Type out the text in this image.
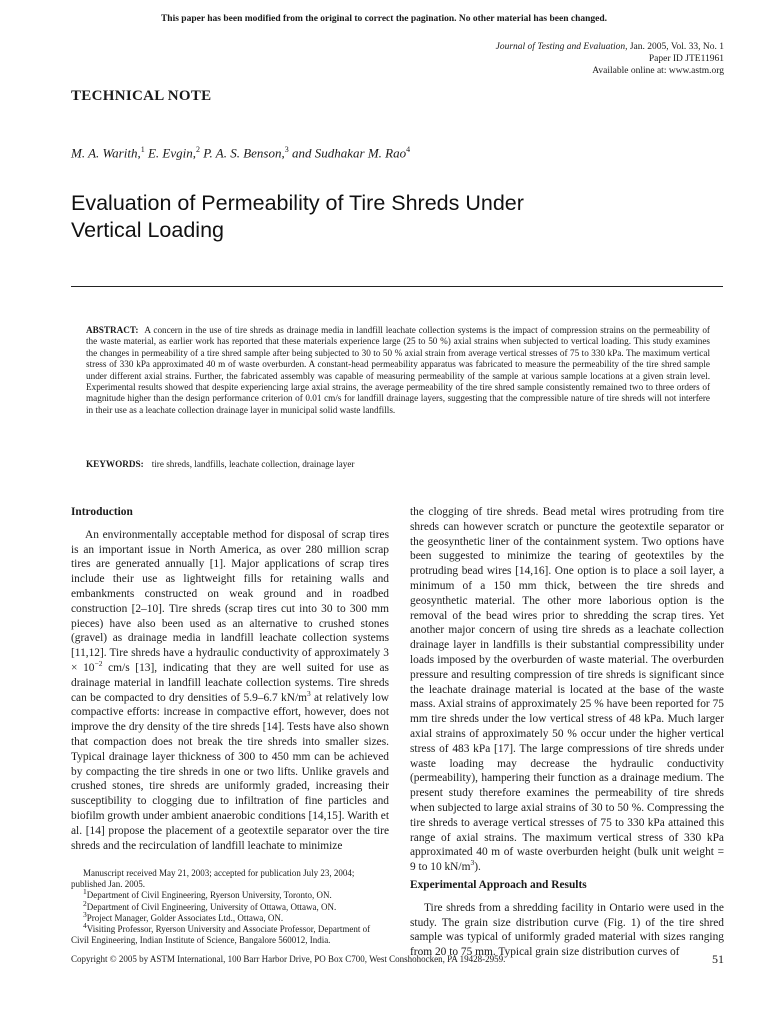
This paper has been modified from the original to correct the pagination. No other material has been changed.
Journal of Testing and Evaluation, Jan. 2005, Vol. 33, No. 1
Paper ID JTE11961
Available online at: www.astm.org
TECHNICAL NOTE
M. A. Warith,$^1$ E. Evgin,$^2$ P. A. S. Benson,$^3$ and Sudhakar M. Rao$^4$
Evaluation of Permeability of Tire Shreds Under
Vertical Loading
ABSTRACT: A concern in the use of tire shreds as drainage media in landfill leachate collection systems is the impact of compression strains on the permeability of the waste material, as earlier work has reported that these materials experience large (25 to 50 %) axial strains when subjected to vertical loading. This study examines the changes in permeability of a tire shred sample after being subjected to 30 to 50 % axial strain from average vertical stresses of 75 to 330 kPa. The maximum vertical stress of 330 kPa approximated 40 m of waste overburden. A constant-head permeability apparatus was fabricated to measure the permeability of the tire shred sample under different axial strains. Further, the fabricated assembly was capable of measuring permeability of the sample at various sample locations at a given strain level. Experimental results showed that despite experiencing large axial strains, the average permeability of the tire shred sample consistently remained two to three orders of magnitude higher than the design performance criterion of 0.01 cm/s for landfill drainage layers, suggesting that the compressible nature of tire shreds will not interfere in their use as a leachate collection drainage layer in municipal solid waste landfills.
KEYWORDS: tire shreds, landfills, leachate collection, drainage layer
Introduction

An environmentally acceptable method for disposal of scrap tires is an important issue in North America, as over 280 million scrap tires are generated annually [1]. Major applications of scrap tires include their use as lightweight fills for retaining walls and embankments constructed on weak ground and in roadbed construction [2–10]. Tire shreds (scrap tires cut into 30 to 300 mm pieces) have also been used as an alternative to crushed stones (gravel) as drainage media in landfill leachate collection systems [11,12]. Tire shreds have a hydraulic conductivity of approximately $3 \times 10^{-2}$ cm/s [13], indicating that they are well suited for use as drainage material in landfill leachate collection systems. Tire shreds can be compacted to dry densities of 5.9–6.7 $kN/m^3$ at relatively low compactive efforts: increase in compactive effort, however, does not improve the dry density of the tire shreds [14]. Tests have also shown that compaction does not break the tire shreds into smaller sizes. Typical drainage layer thickness of 300 to 450 mm can be achieved by compacting the tire shreds in one or two lifts. Unlike gravels and crushed stones, tire shreds are uniformly graded, increasing their susceptibility to clogging due to infiltration of fine particles and biofilm growth under ambient anaerobic conditions [14,15]. Warith et al. [14] propose the placement of a geotextile separator over the tire shreds and the recirculation of landfill leachate to minimize

the clogging of tire shreds. Bead metal wires protruding from tire shreds can however scratch or puncture the geotextile separator or the geosynthetic liner of the containment system. Two options have been suggested to minimize the tearing of geotextiles by the protruding bead wires [14,16]. One option is to place a soil layer, a minimum of a 150 mm thick, between the tire shreds and geosynthetic material. The other more laborious option is the removal of the bead wires prior to shredding the scrap tires. Yet another major concern of using tire shreds as a leachate collection drainage layer in landfills is their substantial compressibility under loads imposed by the overburden of waste material. The overburden pressure and resulting compression of tire shreds is significant since the leachate drainage material is located at the base of the waste mass. Axial strains of approximately 25 % have been reported for 75 mm tire shreds under the low vertical stress of 48 kPa. Much larger axial strains of approximately 50 % occur under the higher vertical stress of 483 kPa [17]. The large compressions of tire shreds under waste loading may decrease the hydraulic conductivity (permeability), hampering their function as a drainage medium. The present study therefore examines the permeability of tire shreds when subjected to large axial strains of 30 to 50 %. Compressing the tire shreds to average vertical stresses of 75 to 330 kPa attained this range of axial strains. The maximum vertical stress of 330 kPa approximated 40 m of waste overburden height (bulk unit weight = 9 to 10 $kN/m^3$).

Manuscript received May 21, 2003; accepted for publication July 23, 2004; published Jan. 2005.

$^1$Department of Civil Engineering, Ryerson University, Toronto, ON.

$^2$Department of Civil Engineering, University of Ottawa, Ottawa, ON.

$^3$Project Manager, Golder Associates Ltd., Ottawa, ON.

$^4$Visiting Professor, Ryerson University and Associate Professor, Department of Civil Engineering, Indian Institute of Science, Bangalore 560012, India.

Experimental Approach and Results

Tire shreds from a shredding facility in Ontario were used in the study. The grain size distribution curve (Fig. 1) of the tire shred sample was typical of uniformly graded material with sizes ranging from 20 to 75 mm. Typical grain size distribution curves of

Copyright © 2005 by ASTM International, 100 Barr Harbor Drive, PO Box C700, West Conshohocken, PA 19428-2959.	51
